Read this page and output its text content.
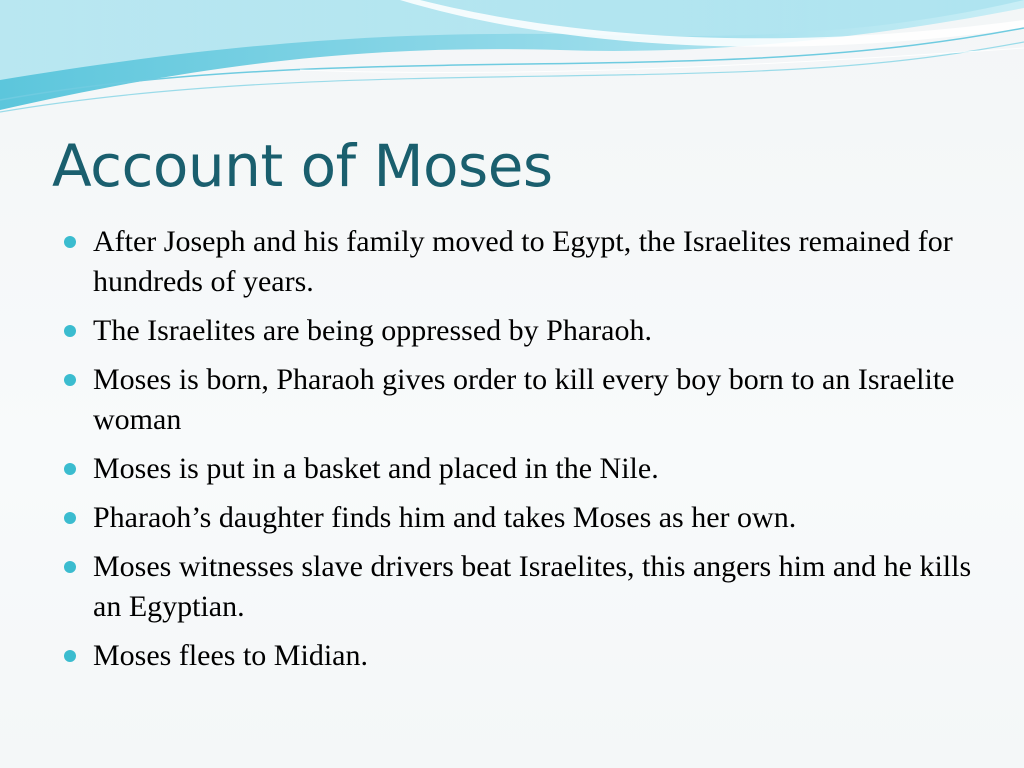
Account of Moses
After Joseph and his family moved to Egypt, the Israelites remained for hundreds of years.
The Israelites are being oppressed by Pharaoh.
Moses is born, Pharaoh gives order to kill every boy born to an Israelite woman
Moses is put in a basket and placed in the Nile.
Pharaoh’s daughter finds him and takes Moses as her own.
Moses witnesses slave drivers beat Israelites, this angers him and he kills an Egyptian.
Moses flees to Midian.
